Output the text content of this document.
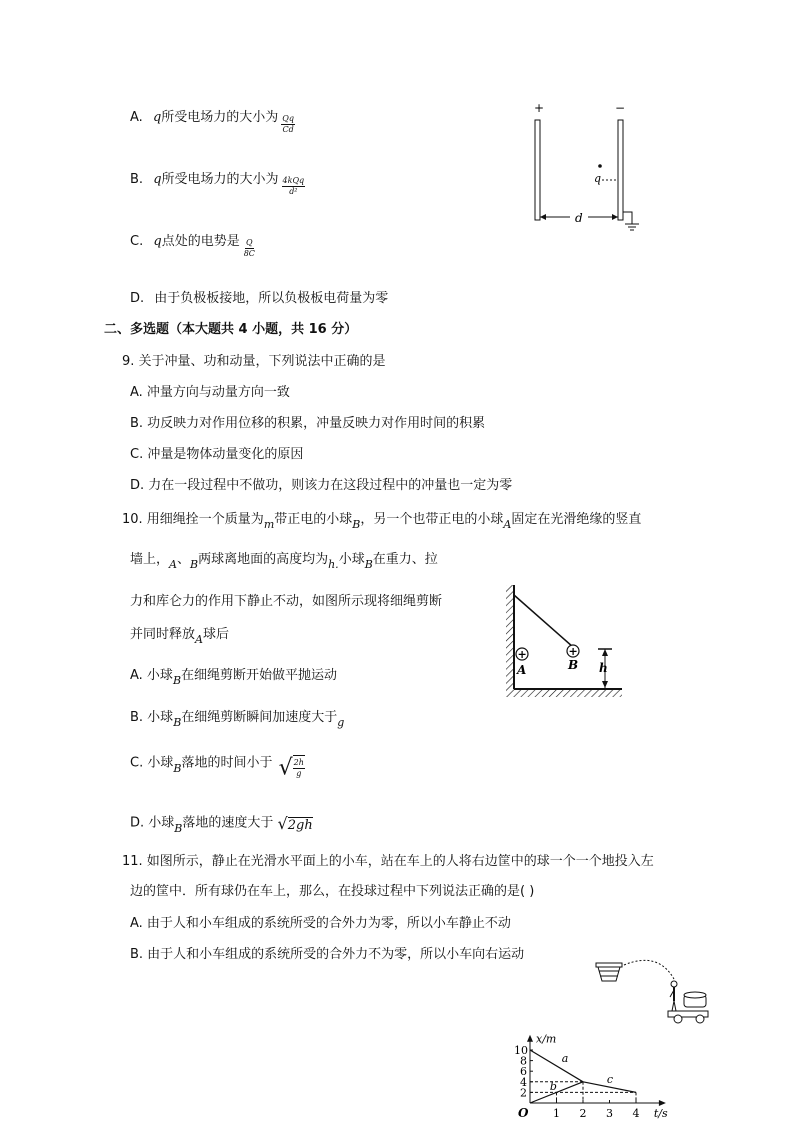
A. q所受电场力的大小为 $\frac{Qq}{Cd}$
B. q所受电场力的大小为 $\frac{\text{4kQq}}{\text{d²}}$
C. q点处的电势是 $\frac{Q}{8C}$
D. 由于负极板接地，所以负极板电荷量为零
+	−
q
d
二、多选题（本大题共 4 小题，共 16 分）
9. 关于冲量、功和动量，下列说法中正确的是
A. 冲量方向与动量方向一致
B. 功反映力对作用位移的积累，冲量反映力对作用时间的积累
C. 冲量是物体动量变化的原因
D. 力在一段过程中不做功，则该力在这段过程中的冲量也一定为零
10. 用细绳拴一个质量为$_m$带正电的小球$_B$，另一个也带正电的小球$_A$固定在光滑绝缘的竖直
墙上，$_A$、$_B$两球离地面的高度均为$_{h.}$小球$_B$在重力、拉
力和库仑力的作用下静止不动，如图所示现将细绳剪断
并同时释放$_A$球后
A. 小球$_B$在细绳剪断开始做平抛运动
B. 小球$_B$在细绳剪断瞬间加速度大于$_g$
C. 小球$_B$落地的时间小于 √ $\frac{2h}{g}$
D. 小球$_B$落地的速度大于 √2gh
+
A
+
B h
11. 如图所示，静止在光滑水平面上的小车，站在车上的人将右边筐中的球一个一个地投入左
边的筐中．所有球仍在车上，那么，在投球过程中下列说法正确的是( )
A. 由于人和小车组成的系统所受的合外力为零，所以小车静止不动
B. 由于人和小车组成的系统所受的合外力不为零，所以小车向右运动
x/m
t/s
O 1 2 3 4
2
4
6
8
10
a
b
c
